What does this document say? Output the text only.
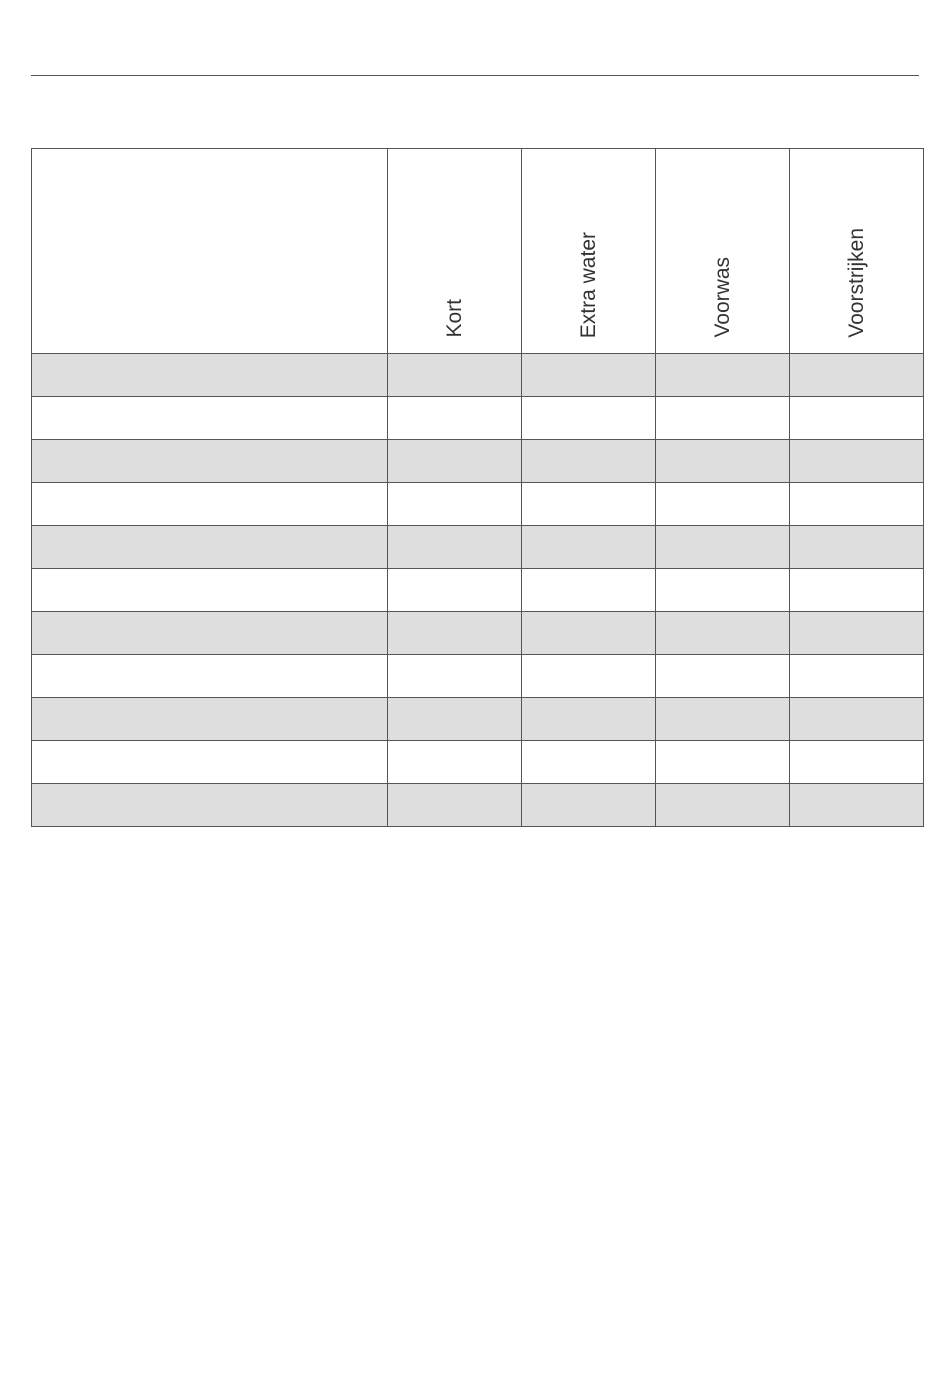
	Kort	Extra water	Voorwas	Voorstrijken
